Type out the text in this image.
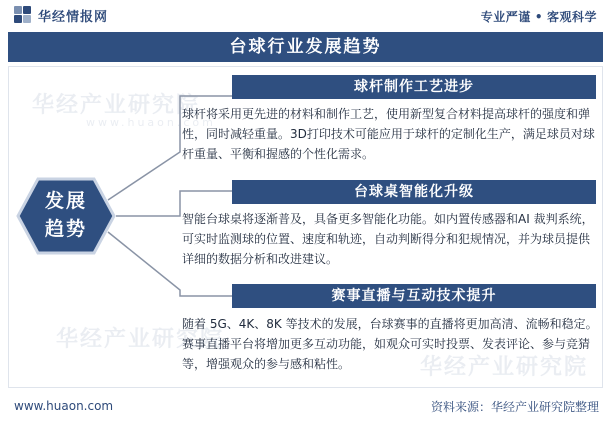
华经情报网	专业严谨 • 客观科学
台球行业发展趋势
华经产业研究院
www.huaon.com
华经产业研究院
华经产业研究院
发展
趋势
球杆制作工艺进步
球杆将采用更先进的材料和制作工艺，使用新型复合材料提高球杆的强度和弹性，同时减轻重量。3D打印技术可能应用于球杆的定制化生产，满足球员对球杆重量、平衡和握感的个性化需求。
台球桌智能化升级
智能台球桌将逐渐普及，具备更多智能化功能。如内置传感器和AI 裁判系统，可实时监测球的位置、速度和轨迹，自动判断得分和犯规情况，并为球员提供详细的数据分析和改进建议。
赛事直播与互动技术提升
随着 5G、4K、8K 等技术的发展，台球赛事的直播将更加高清、流畅和稳定。赛事直播平台将增加更多互动功能，如观众可实时投票、发表评论、参与竞猜等，增强观众的参与感和粘性。
www.huaon.com	资料来源：华经产业研究院整理
